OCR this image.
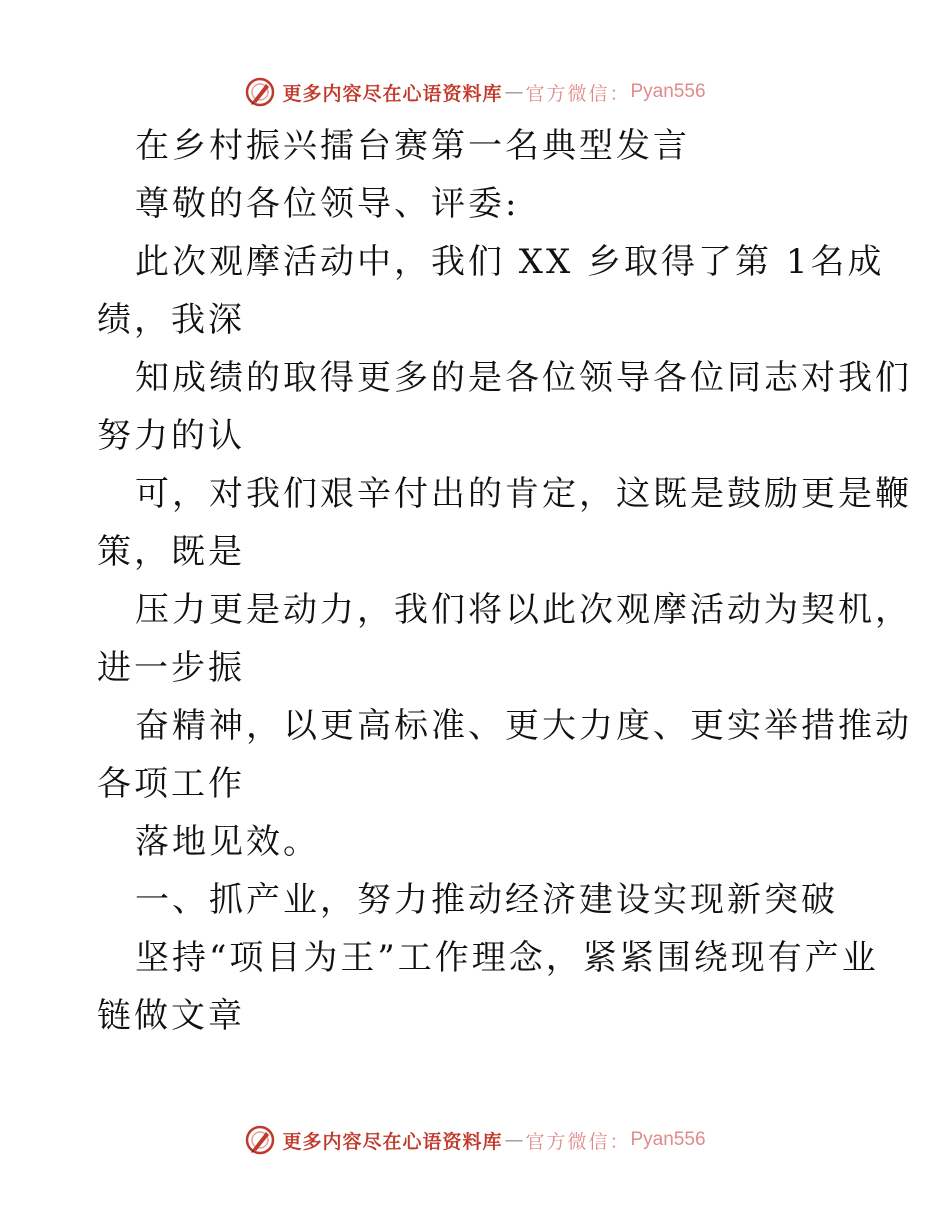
更多内容尽在心语资料库 — 官方微信： Pyan556

在乡村振兴擂台赛第一名典型发言

尊敬的各位领导、评委:

此次观摩活动中，我们 XX 乡取得了第 1名成

绩，我深

知成绩的取得更多的是各位领导各位同志对我们

努力的认

可，对我们艰辛付出的肯定，这既是鼓励更是鞭

策，既是

压力更是动力，我们将以此次观摩活动为契机，

进一步振

奋精神，以更高标准、更大力度、更实举措推动

各项工作

落地见效。

一、抓产业，努力推动经济建设实现新突破

坚持“项目为王”工作理念，紧紧围绕现有产业

链做文章

更多内容尽在心语资料库 — 官方微信： Pyan556
